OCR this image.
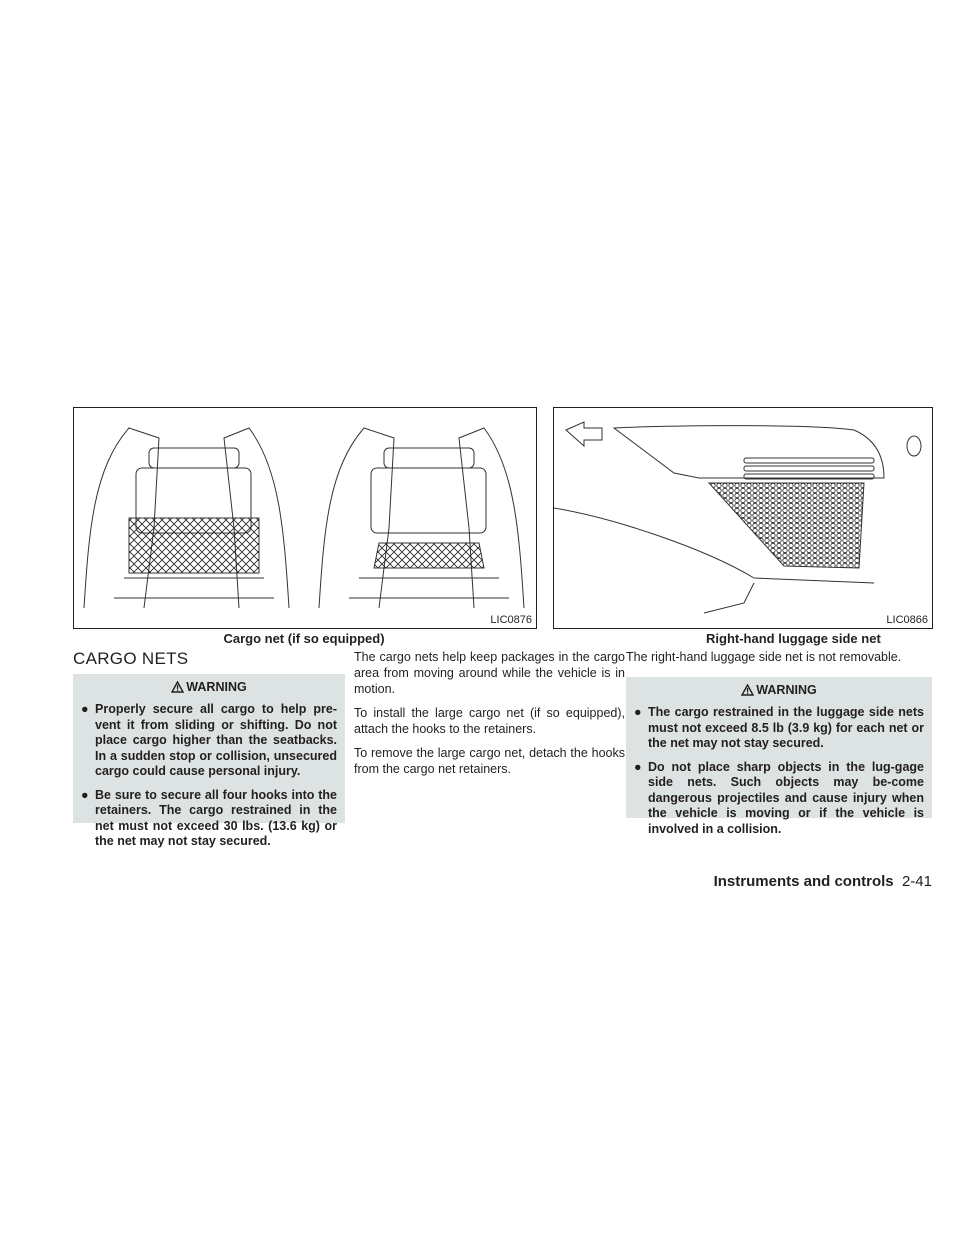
LIC0876
Cargo net (if so equipped)
LIC0866
Right-hand luggage side net
CARGO NETS
WARNING
● Properly secure all cargo to help pre-vent it from sliding or shifting. Do not place cargo higher than the seatbacks. In a sudden stop or collision, unsecured cargo could cause personal injury.
● Be sure to secure all four hooks into the retainers. The cargo restrained in the net must not exceed 30 lbs. (13.6 kg) or the net may not stay secured.

The cargo nets help keep packages in the cargo area from moving around while the vehicle is in motion.

To install the large cargo net (if so equipped), attach the hooks to the retainers.

To remove the large cargo net, detach the hooks from the cargo net retainers.

The right-hand luggage side net is not removable.

WARNING
● The cargo restrained in the luggage side nets must not exceed 8.5 lb (3.9 kg) for each net or the net may not stay secured.
● Do not place sharp objects in the lug-gage side nets. Such objects may be-come dangerous projectiles and cause injury when the vehicle is moving or if the vehicle is involved in a collision.
Instruments and controls 2-41
